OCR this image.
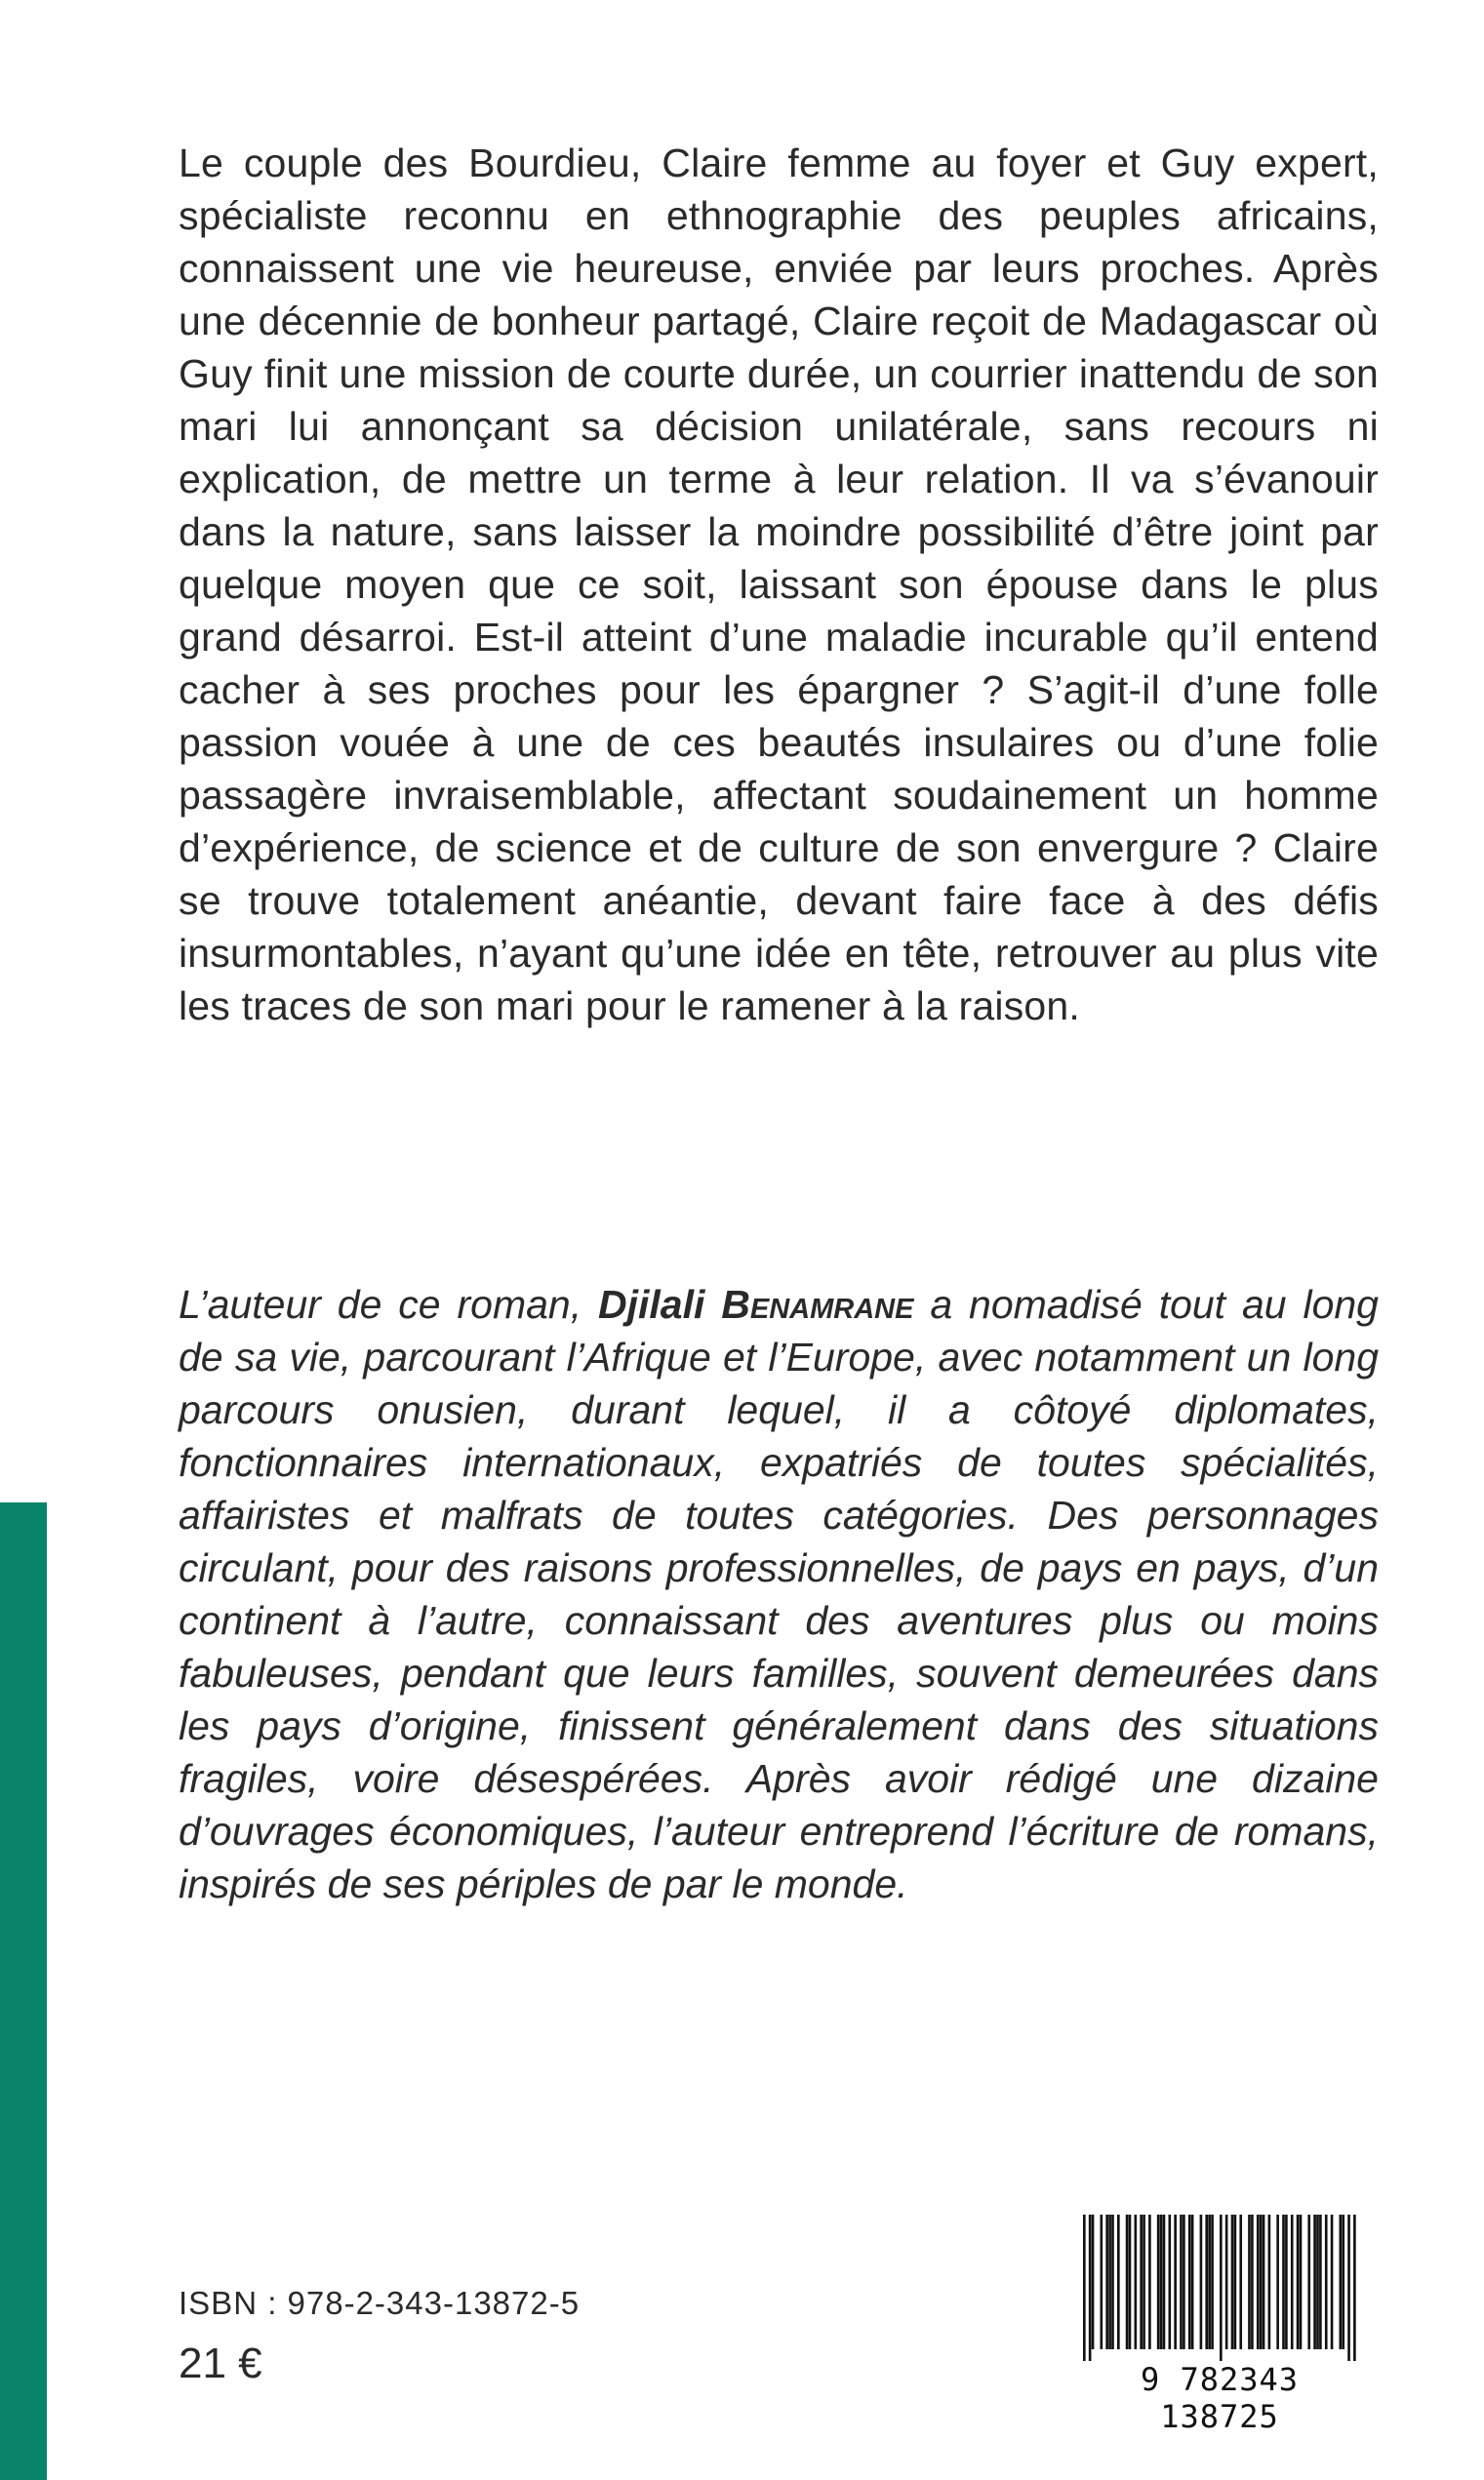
Le couple des Bourdieu, Claire femme au foyer et Guy expert, spécialiste reconnu en ethnographie des peuples africains, connaissent une vie heureuse, enviée par leurs proches. Après une décennie de bonheur partagé, Claire reçoit de Madagascar où Guy finit une mission de courte durée, un courrier inattendu de son mari lui annonçant sa décision unilatérale, sans recours ni explication, de mettre un terme à leur relation. Il va s’évanouir dans la nature, sans laisser la moindre possibilité d’être joint par quelque moyen que ce soit, laissant son épouse dans le plus grand désarroi. Est-il atteint d’une maladie incurable qu’il entend cacher à ses proches pour les épargner ? S’agit-il d’une folle passion vouée à une de ces beautés insulaires ou d’une folie passagère invraisemblable, affectant soudainement un homme d’expérience, de science et de culture de son envergure ? Claire se trouve totalement anéantie, devant faire face à des défis insurmontables, n’ayant qu’une idée en tête, retrouver au plus vite les traces de son mari pour le ramener à la raison.

L’auteur de ce roman, Djilali Benamrane a nomadisé tout au long de sa vie, parcourant l’Afrique et l’Europe, avec notamment un long parcours onusien, durant lequel, il a côtoyé diplomates, fonctionnaires internationaux, expatriés de toutes spécialités, affairistes et malfrats de toutes catégories. Des personnages circulant, pour des raisons professionnelles, de pays en pays, d’un continent à l’autre, connaissant des aventures plus ou moins fabuleuses, pendant que leurs familles, souvent demeurées dans les pays d’origine, finissent généralement dans des situations fragiles, voire désespérées. Après avoir rédigé une dizaine d’ouvrages économiques, l’auteur entreprend l’écriture de romans, inspirés de ses périples de par le monde.

ISBN : 978-2-343-13872-5

21 €	9 782343 138725
